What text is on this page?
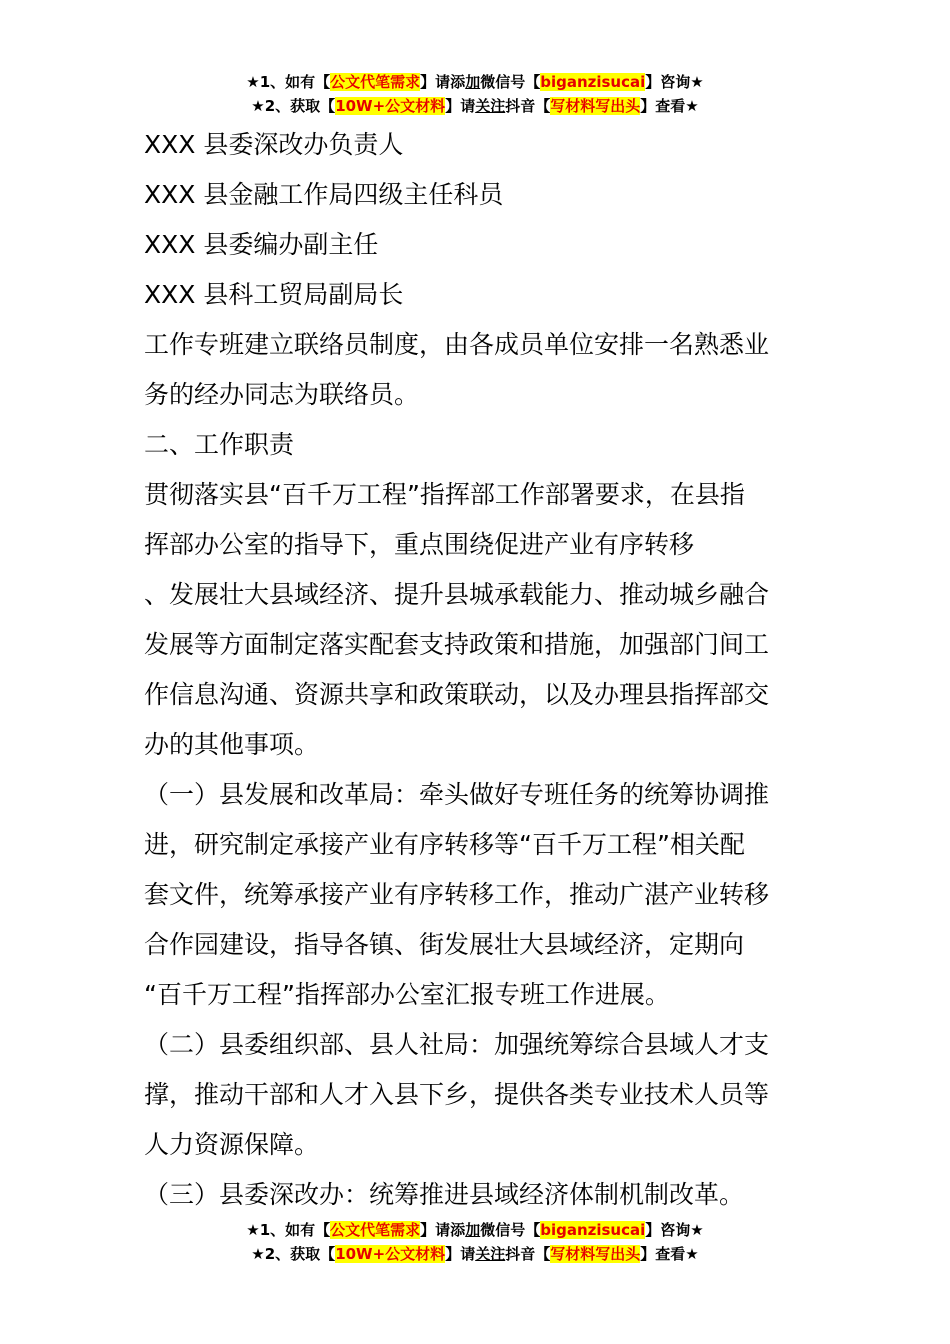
★1、如有【公文代笔需求】请添加微信号【biganzisucai】咨询★
★2、获取【10W+公文材料】请关注抖音【写材料写出头】查看★

XXX 县委深改办负责人

XXX 县金融工作局四级主任科员

XXX 县委编办副主任

XXX 县科工贸局副局长

工作专班建立联络员制度，由各成员单位安排一名熟悉业

务的经办同志为联络员。

二、工作职责

贯彻落实县“百千万工程”指挥部工作部署要求，在县指

挥部办公室的指导下，重点围绕促进产业有序转移

、发展壮大县域经济、提升县城承载能力、推动城乡融合

发展等方面制定落实配套支持政策和措施，加强部门间工

作信息沟通、资源共享和政策联动，以及办理县指挥部交

办的其他事项。

（一）县发展和改革局：牵头做好专班任务的统筹协调推

进，研究制定承接产业有序转移等“百千万工程”相关配

套文件，统筹承接产业有序转移工作，推动广湛产业转移

合作园建设，指导各镇、街发展壮大县域经济，定期向

“百千万工程”指挥部办公室汇报专班工作进展。

（二）县委组织部、县人社局：加强统筹综合县域人才支

撑，推动干部和人才入县下乡，提供各类专业技术人员等

人力资源保障。

（三）县委深改办：统筹推进县域经济体制机制改革。

★1、如有【公文代笔需求】请添加微信号【biganzisucai】咨询★
★2、获取【10W+公文材料】请关注抖音【写材料写出头】查看★
